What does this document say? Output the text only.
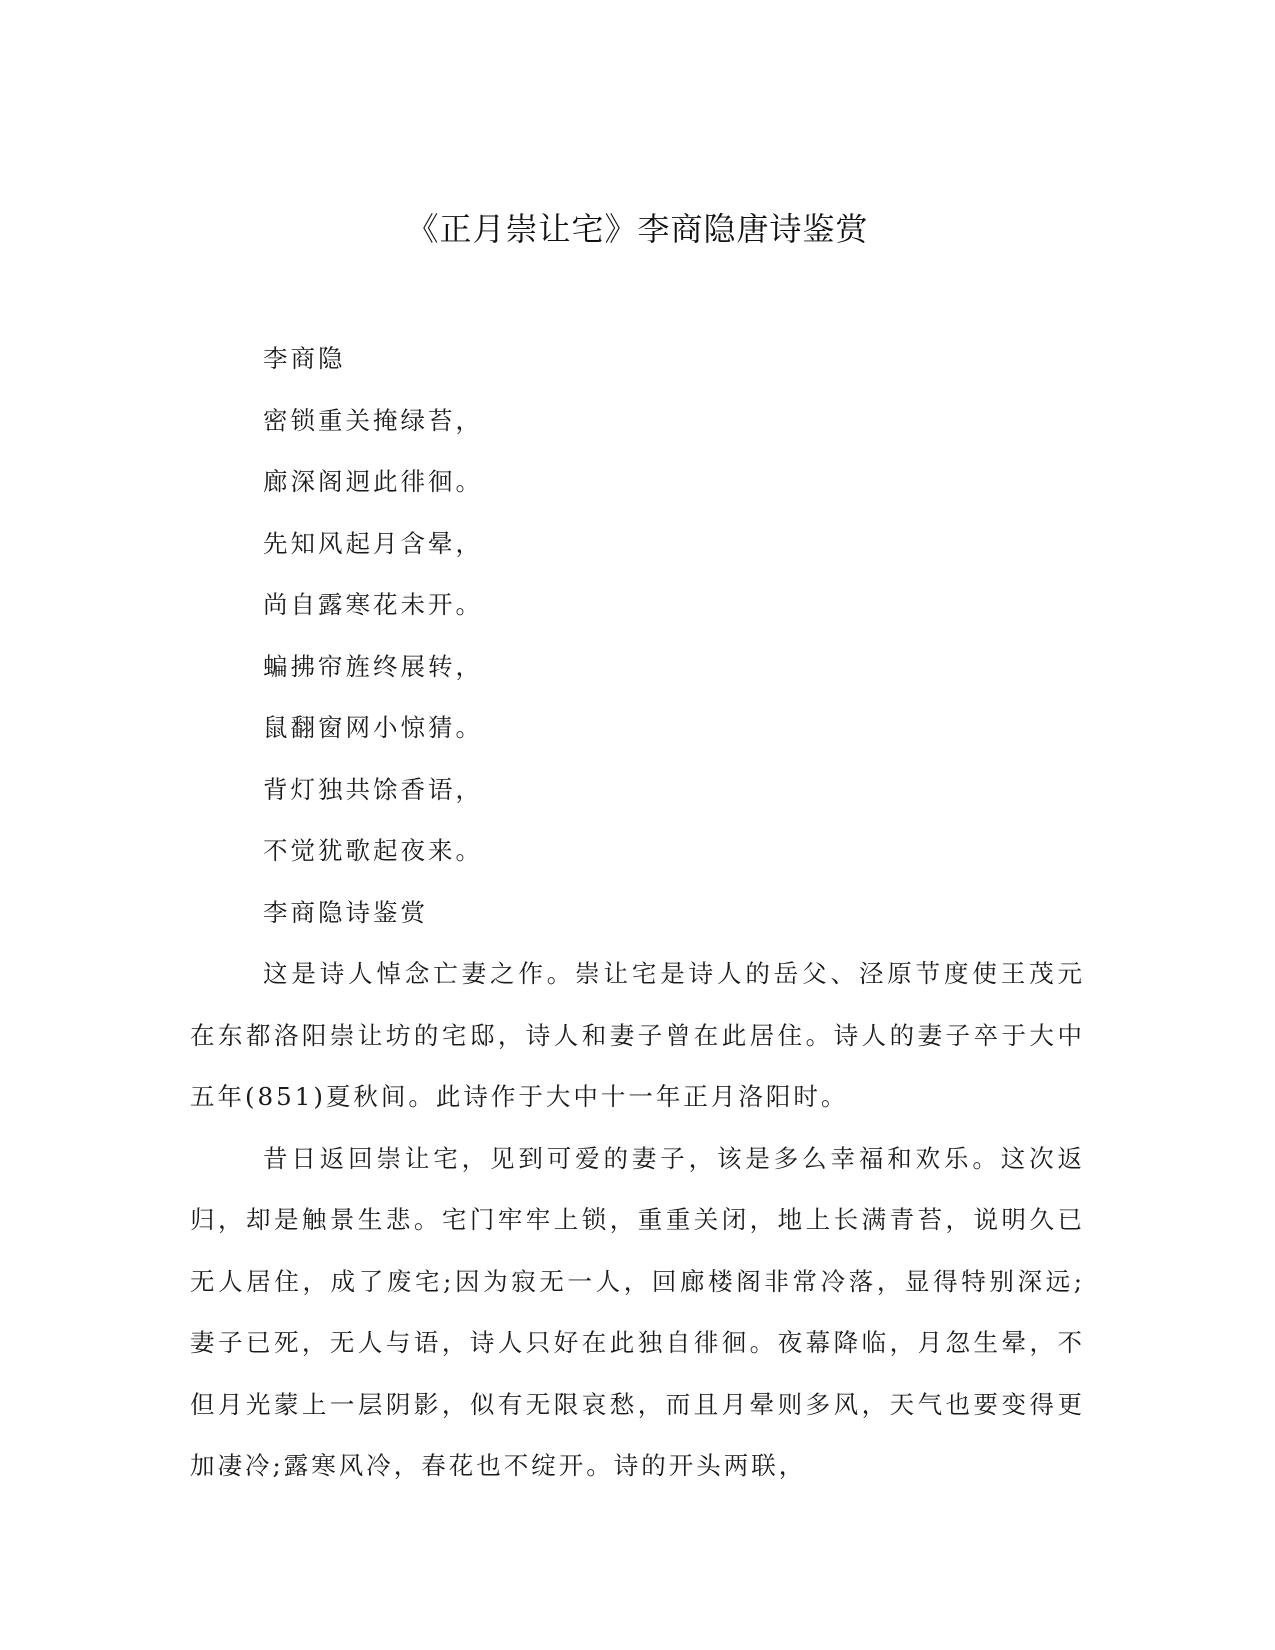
《正月崇让宅》李商隐唐诗鉴赏

李商隐

密锁重关掩绿苔，

廊深阁迥此徘徊。

先知风起月含晕，

尚自露寒花未开。

蝙拂帘旌终展转，

鼠翻窗网小惊猜。

背灯独共馀香语，

不觉犹歌起夜来。

李商隐诗鉴赏

这是诗人悼念亡妻之作。崇让宅是诗人的岳父、泾原节度使王茂元在东都洛阳崇让坊的宅邸，诗人和妻子曾在此居住。诗人的妻子卒于大中五年(851)夏秋间。此诗作于大中十一年正月洛阳时。

昔日返回崇让宅，见到可爱的妻子，该是多么幸福和欢乐。这次返归，却是触景生悲。宅门牢牢上锁，重重关闭，地上长满青苔，说明久已无人居住，成了废宅;因为寂无一人，回廊楼阁非常冷落，显得特别深远;妻子已死，无人与语，诗人只好在此独自徘徊。夜幕降临，月忽生晕，不但月光蒙上一层阴影，似有无限哀愁，而且月晕则多风，天气也要变得更加凄冷;露寒风冷，春花也不绽开。诗的开头两联，
